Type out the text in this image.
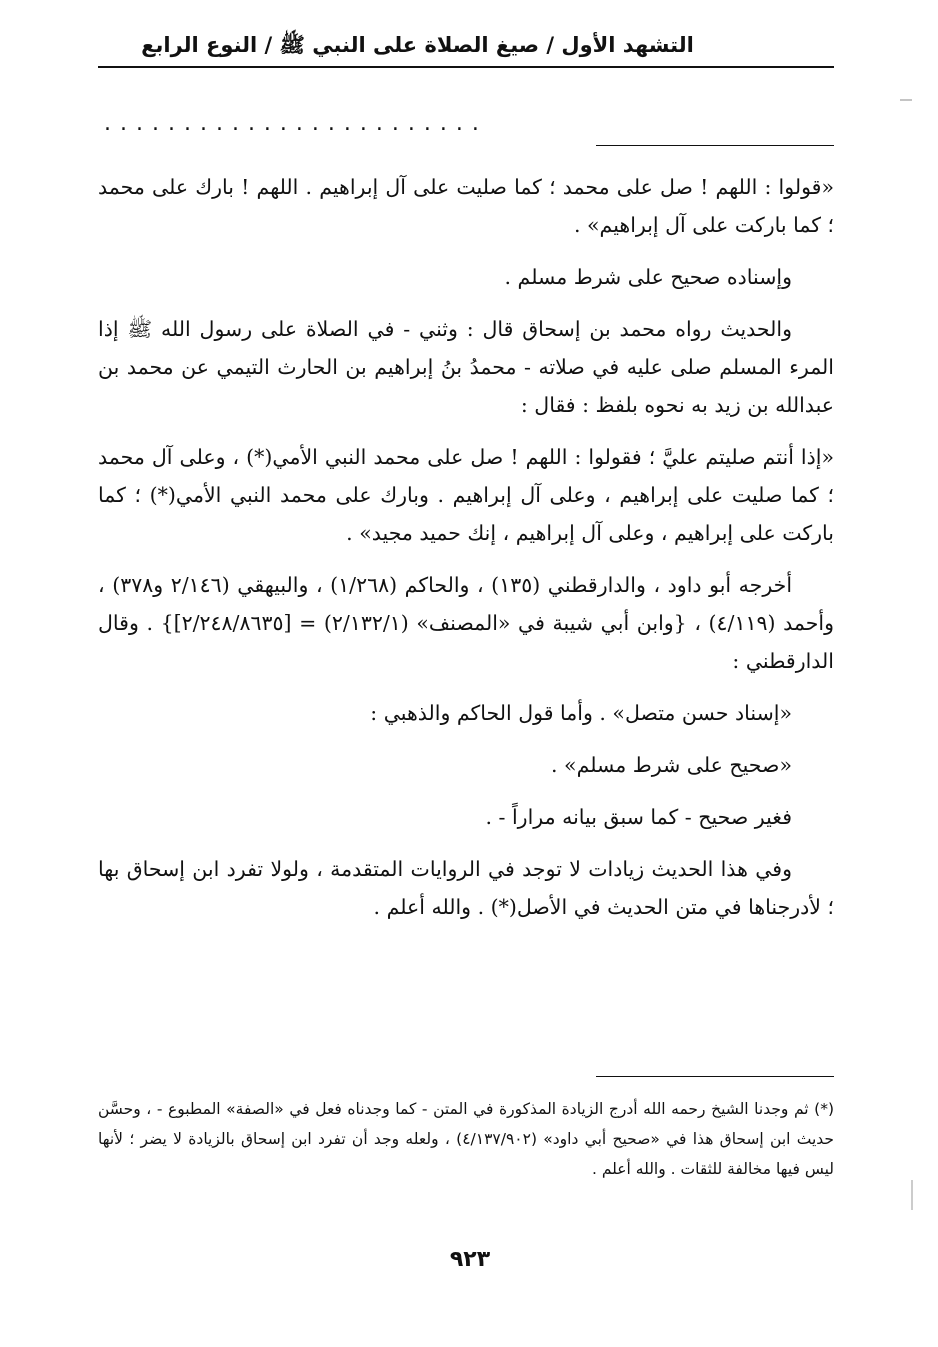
التشهد الأول / صيغ الصلاة على النبي ﷺ / النوع الرابع
........................

«قولوا : اللهم ! صل على محمد ؛ كما صليت على آل إبراهيم . اللهم ! بارك على محمد ؛ كما باركت على آل إبراهيم» .

وإسناده صحيح على شرط مسلم .

والحديث رواه محمد بن إسحاق قال : وثني - في الصلاة على رسول الله ﷺ إذا المرء المسلم صلى عليه في صلاته - محمدُ بنُ إبراهيم بن الحارث التيمي عن محمد بن عبدالله بن زيد به نحوه بلفظ : فقال :

«إذا أنتم صليتم عليَّ ؛ فقولوا : اللهم ! صل على محمد النبي الأمي(*) ، وعلى آل محمد ؛ كما صليت على إبراهيم ، وعلى آل إبراهيم . وبارك على محمد النبي الأمي(*) ؛ كما باركت على إبراهيم ، وعلى آل إبراهيم ، إنك حميد مجيد» .

أخرجه أبو داود ، والدارقطني (١٣٥) ، والحاكم (١/٢٦٨) ، والبيهقي (٢/١٤٦ و٣٧٨) ، وأحمد (٤/١١٩) ، {وابن أبي شيبة في «المصنف» (٢/١٣٢/١) = [٢/٢٤٨/٨٦٣٥]} . وقال الدارقطني :

«إسناد حسن متصل» . وأما قول الحاكم والذهبي :

«صحيح على شرط مسلم» .

فغير صحيح - كما سبق بيانه مراراً - .

وفي هذا الحديث زيادات لا توجد في الروايات المتقدمة ، ولولا تفرد ابن إسحاق بها ؛ لأدرجناها في متن الحديث في الأصل(*) . والله أعلم .

(*) ثم وجدنا الشيخ رحمه الله أدرج الزيادة المذكورة في المتن - كما وجدناه فعل في «الصفة» المطبوع - ، وحسَّن حديث ابن إسحاق هذا في «صحيح أبي داود» (٤/١٣٧/٩٠٢) ، ولعله وجد أن تفرد ابن إسحاق بالزيادة لا يضر ؛ لأنها ليس فيها مخالفة للثقات . والله أعلم .

٩٢٣
